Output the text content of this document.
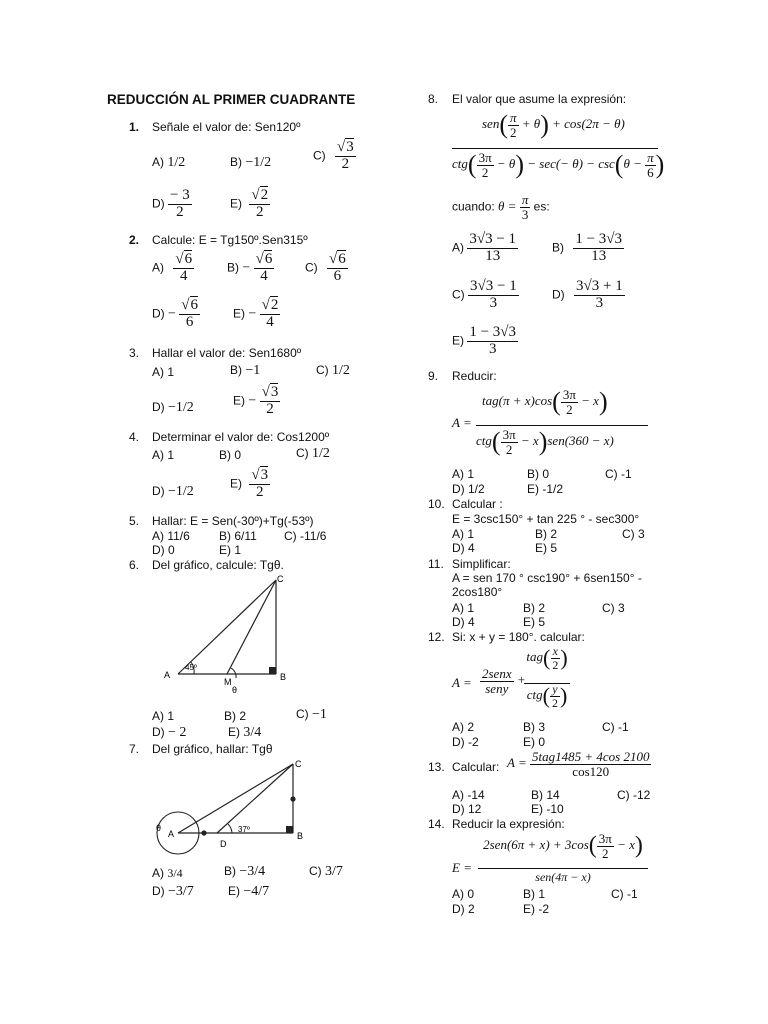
REDUCCIÓN AL PRIMER CUADRANTE
1. Señale el valor de: Sen120º
A) 1/2	B) −1/2	$C) \frac{√3}{2}$
$D) \frac{- 3}{2}$	$E) \frac{√2}{2}$
2. Calcule: E = Tg150º.Sen315º
$A) \frac{√6}{4}$	$B) - \frac{√6}{4}$	$C) \frac{√6}{6}$
$D) - \frac{√6}{6}$	$E) - \frac{√2}{4}$
3. Hallar el valor de: Sen1680º
A) 1	B) −1	C) 1/2
D) −1/2	$E) - \frac{√3}{2}$
4. Determinar el valor de: Cos1200º
A) 1	B) 0	C) 1/2
D) −1/2
$E) \frac{√3}{2}$
5. Hallar: E = Sen(-30º)+Tg(-53º)
A) 11/6 B) 6/11 C) -11/6
D) 0	E) 1
6. Del gráfico, calcule: Tgθ.
A	B
C
M
θ
45º
A) 1	B) 2	C) −1
D) − 2	E) 3/4
7. Del gráfico, hallar: Tgθ
A	B
C
D
θ	37º
A) 3/4	B) −3/4	C) 3/7
D) −3/7	E) −4/7
8. El valor que asume la expresión:
$sen( \frac{\pi}{2} + \theta) + \cos(2\pi - \theta)$
$ctg( \frac{3\pi}{2} - \theta) - \sec(- \theta) - \csc(\theta - \frac{\pi}{6}$ )
cuando: $\theta = \frac{\pi}{3}$ es:
$A) \frac{3√3 - 1}{13}$	$B) \frac{1 - 3√3}{13}$
$C) \frac{3√3 - 1}{3}$	$D) \frac{3√3 + 1}{3}$
$E) \frac{1 - 3√3}{3}$
9. Reducir:
A =
$tag(\pi + x)\cos( \frac{3\pi}{2} - x)$
$ctg( \frac{3\pi}{2} - x)sen(360 - x)$
A) 1	B) 0	C) -1
D) 1/2	E) -1/2
10. Calcular :
E = 3csc150° + tan 225 ° - sec300°
A) 1	B) 2	C) 3
D) 4	E) 5
11. Simplificar:
A = sen 170 ° csc190° + 6sen150° -
2cos180°
A) 1	B) 2	C) 3
D) 4	E) 5
12. Si: x + y = 180°. calcular:
$A = \frac{\text{2senx}}{\text{seny}}$ +
$tag( \frac{x}{2}$ )
$ctg( \frac{y}{2}$ )
A) 2	B) 3	C) -1
D) -2	E) 0
13. Calcular: $A = \frac{\text{5tag1485 + 4cos 2100}}{\cos 120}$
A) -14	B) 14	C) -12
D) 12	E) -10
14. Reducir la expresión:
E =
$2sen(6\pi + x) + 3\cos( \frac{3\pi}{2} - x)$
sen(4π − x)
A) 0	B) 1	C) -1
D) 2	E) -2
